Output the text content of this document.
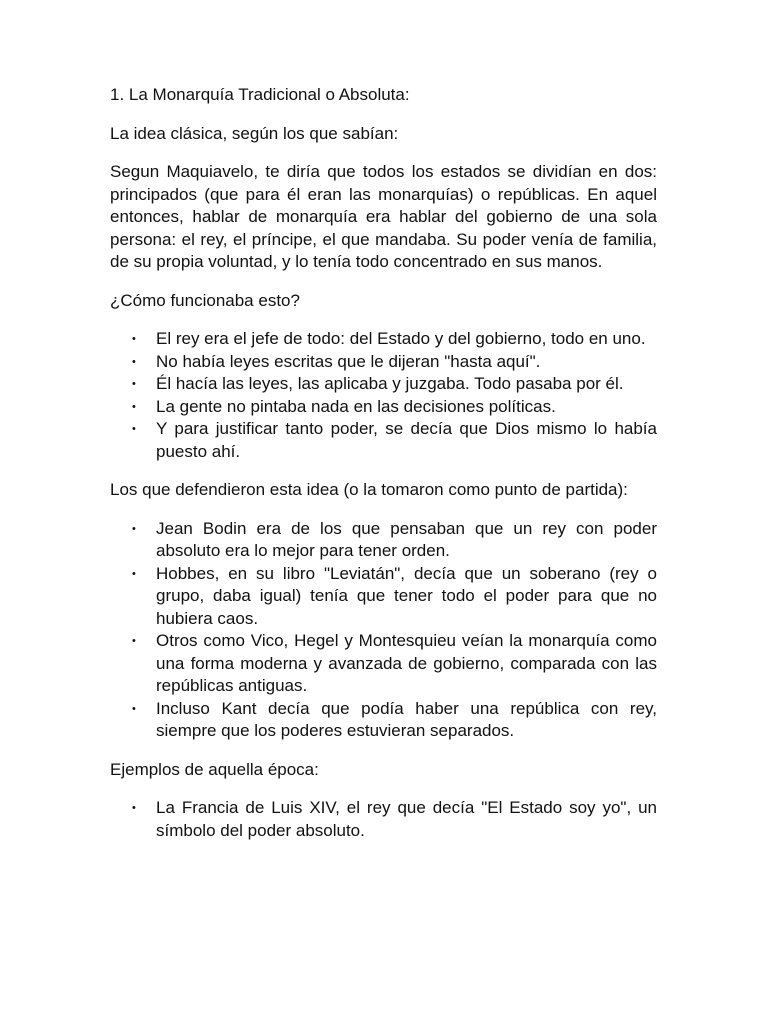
1. La Monarquía Tradicional o Absoluta:

La idea clásica, según los que sabían:

Segun Maquiavelo, te diría que todos los estados se dividían en dos: principados (que para él eran las monarquías) o repúblicas. En aquel entonces, hablar de monarquía era hablar del gobierno de una sola persona: el rey, el príncipe, el que mandaba. Su poder venía de familia, de su propia voluntad, y lo tenía todo concentrado en sus manos.

¿Cómo funcionaba esto?

• El rey era el jefe de todo: del Estado y del gobierno, todo en uno.
• No había leyes escritas que le dijeran "hasta aquí".
• Él hacía las leyes, las aplicaba y juzgaba. Todo pasaba por él.
• La gente no pintaba nada en las decisiones políticas.
• Y para justificar tanto poder, se decía que Dios mismo lo había puesto ahí.

Los que defendieron esta idea (o la tomaron como punto de partida):

• Jean Bodin era de los que pensaban que un rey con poder absoluto era lo mejor para tener orden.
• Hobbes, en su libro "Leviatán", decía que un soberano (rey o grupo, daba igual) tenía que tener todo el poder para que no hubiera caos.
• Otros como Vico, Hegel y Montesquieu veían la monarquía como una forma moderna y avanzada de gobierno, comparada con las repúblicas antiguas.
• Incluso Kant decía que podía haber una república con rey, siempre que los poderes estuvieran separados.

Ejemplos de aquella época:

• La Francia de Luis XIV, el rey que decía "El Estado soy yo", un símbolo del poder absoluto.
